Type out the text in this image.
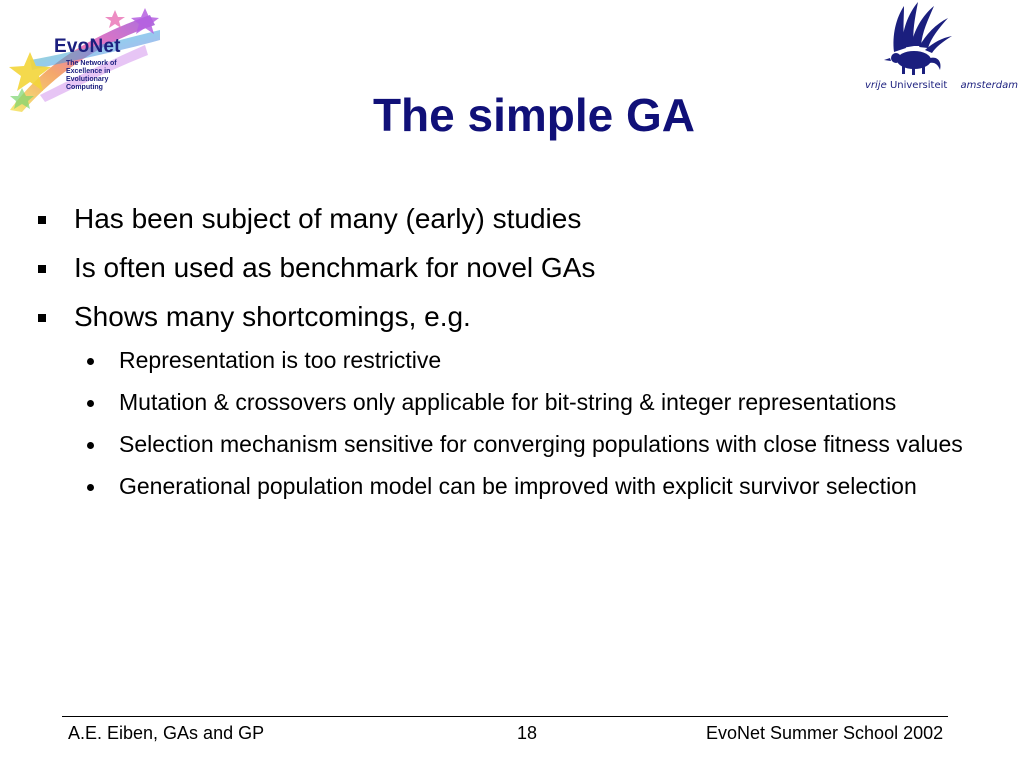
EvoNet
The Network of
Excellence in
Evolutionary
Computing	vrije Universiteit amsterdam
The simple GA
Has been subject of many (early) studies
Is often used as benchmark for novel GAs
Shows many shortcomings, e.g.
Representation is too restrictive
Mutation & crossovers only applicable for bit-string & integer representations
Selection mechanism sensitive for converging populations with close fitness values
Generational population model can be improved with explicit survivor selection
A.E. Eiben, GAs and GP	18	EvoNet Summer School 2002
